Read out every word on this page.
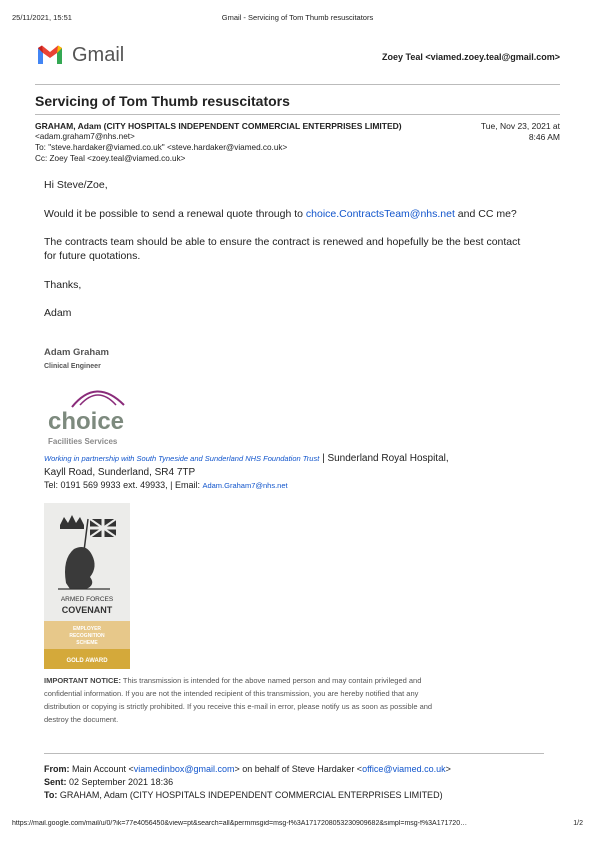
25/11/2021, 15:51	Gmail - Servicing of Tom Thumb resuscitators
Gmail	Zoey Teal <viamed.zoey.teal@gmail.com>
Servicing of Tom Thumb resuscitators
GRAHAM, Adam (CITY HOSPITALS INDEPENDENT COMMERCIAL ENTERPRISES LIMITED)	Tue, Nov 23, 2021 at
8:46 AM
<adam.graham7@nhs.net>
To: "steve.hardaker@viamed.co.uk" <steve.hardaker@viamed.co.uk>
Cc: Zoey Teal <zoey.teal@viamed.co.uk>
Hi Steve/Zoe,
Would it be possible to send a renewal quote through to choice.ContractsTeam@nhs.net and CC me?
The contracts team should be able to ensure the contract is renewed and hopefully be the best contact
for future quotations.
Thanks,
Adam
Adam Graham
Clinical Engineer
choice
Facilities Services
Working in partnership with South Tyneside and Sunderland NHS Foundation Trust | Sunderland Royal Hospital,
Kayll Road, Sunderland, SR4 7TP
Tel: 0191 569 9933 ext. 49933, | Email: Adam.Graham7@nhs.net
ARMED FORCES
COVENANT
EMPLOYER
RECOGNITION
SCHEME
GOLD AWARD
IMPORTANT NOTICE: This transmission is intended for the above named person and may contain privileged and
confidential information. If you are not the intended recipient of this transmission, you are hereby notified that any
distribution or copying is strictly prohibited. If you receive this e-mail in error, please notify us as soon as possible and
destroy the document.
From: Main Account <viamedinbox@gmail.com> on behalf of Steve Hardaker <office@viamed.co.uk>
Sent: 02 September 2021 18:36
To: GRAHAM, Adam (CITY HOSPITALS INDEPENDENT COMMERCIAL ENTERPRISES LIMITED)
https://mail.google.com/mail/u/0/?ik=77e4056450&view=pt&search=all&permmsgid=msg-f%3A1717208053230909682&simpl=msg-f%3A171720…	1/2
